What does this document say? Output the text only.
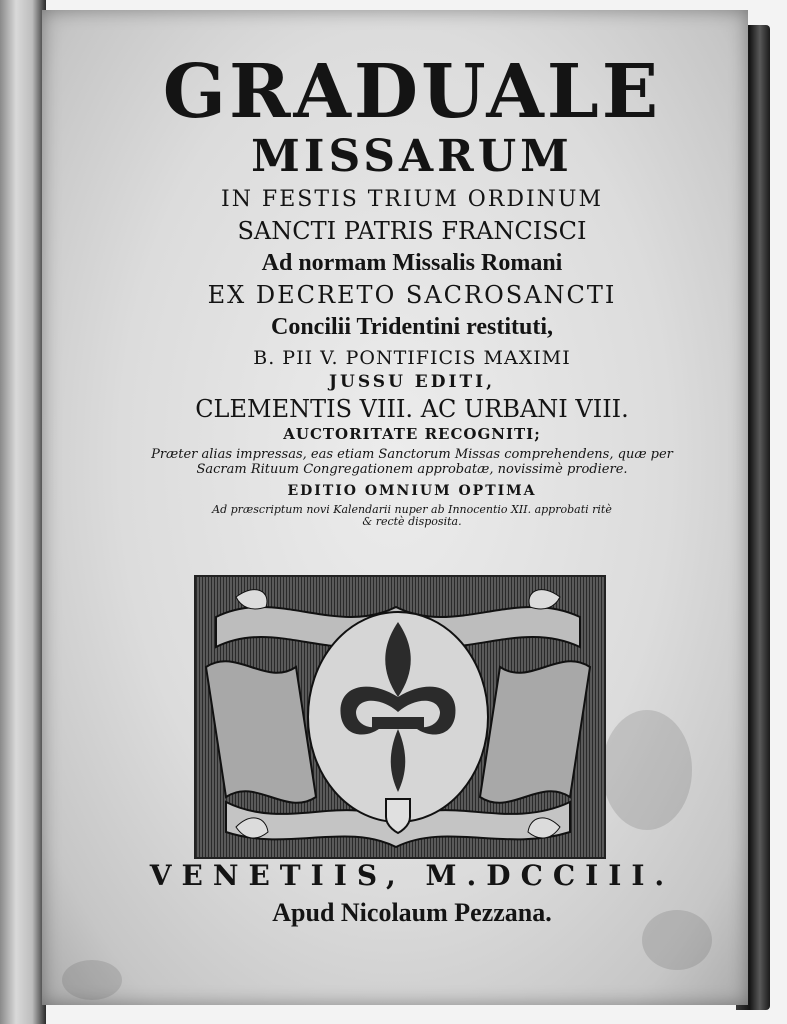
GRADUALE
MISSARUM
IN FESTIS TRIUM ORDINUM
SANCTI PATRIS FRANCISCI
Ad normam Missalis Romani
EX DECRETO SACROSANCTI
Concilii Tridentini restituti,
B. PII V. PONTIFICIS MAXIMI
JUSSU EDITI,
CLEMENTIS VIII. AC URBANI VIII.
AUCTORITATE RECOGNITI;
Præter alias impressas, eas etiam Sanctorum Missas comprehendens, quæ per
Sacram Rituum Congregationem approbatæ, novissimè prodiere.
EDITIO OMNIUM OPTIMA
Ad præscriptum novi Kalendarii nuper ab Innocentio XII. approbati ritè
& rectè disposita.
VENETIIS, M.DCCIII.
Apud Nicolaum Pezzana.
